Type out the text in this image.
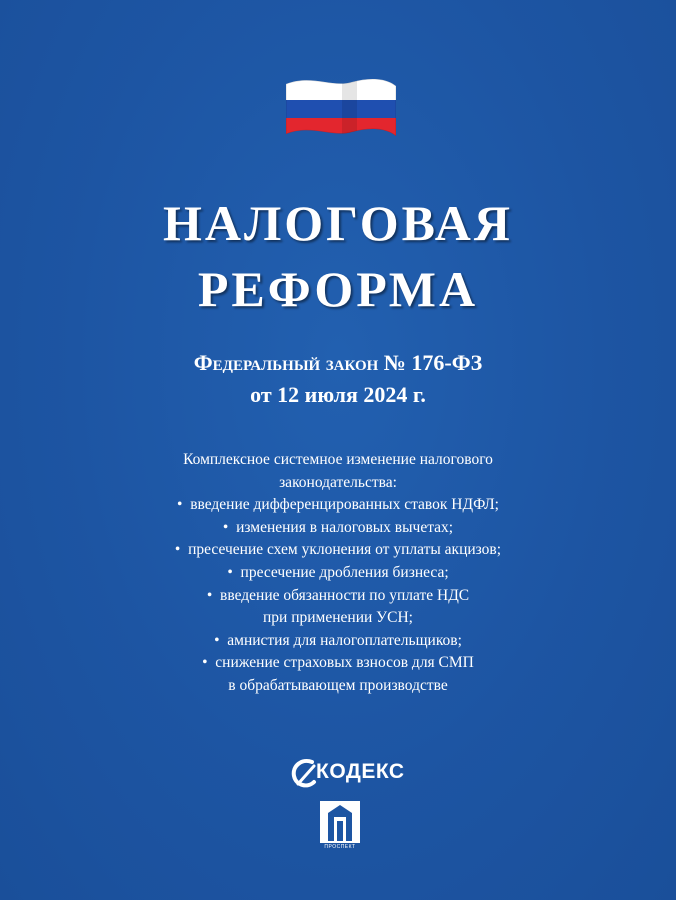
НАЛОГОВАЯ
РЕФОРМА
Федеральный закон № 176-ФЗ
от 12 июля 2024 г.
Комплексное системное изменение налогового
законодательства:
•  введение дифференцированных ставок НДФЛ;
•  изменения в налоговых вычетах;
•  пресечение схем уклонения от уплаты акцизов;
•  пресечение дробления бизнеса;
•  введение обязанности по уплате НДС
при применении УСН;
•  амнистия для налогоплательщиков;
•  снижение страховых взносов для СМП
в обрабатывающем производстве
КОДЕКС
ПРОСПЕКТ
